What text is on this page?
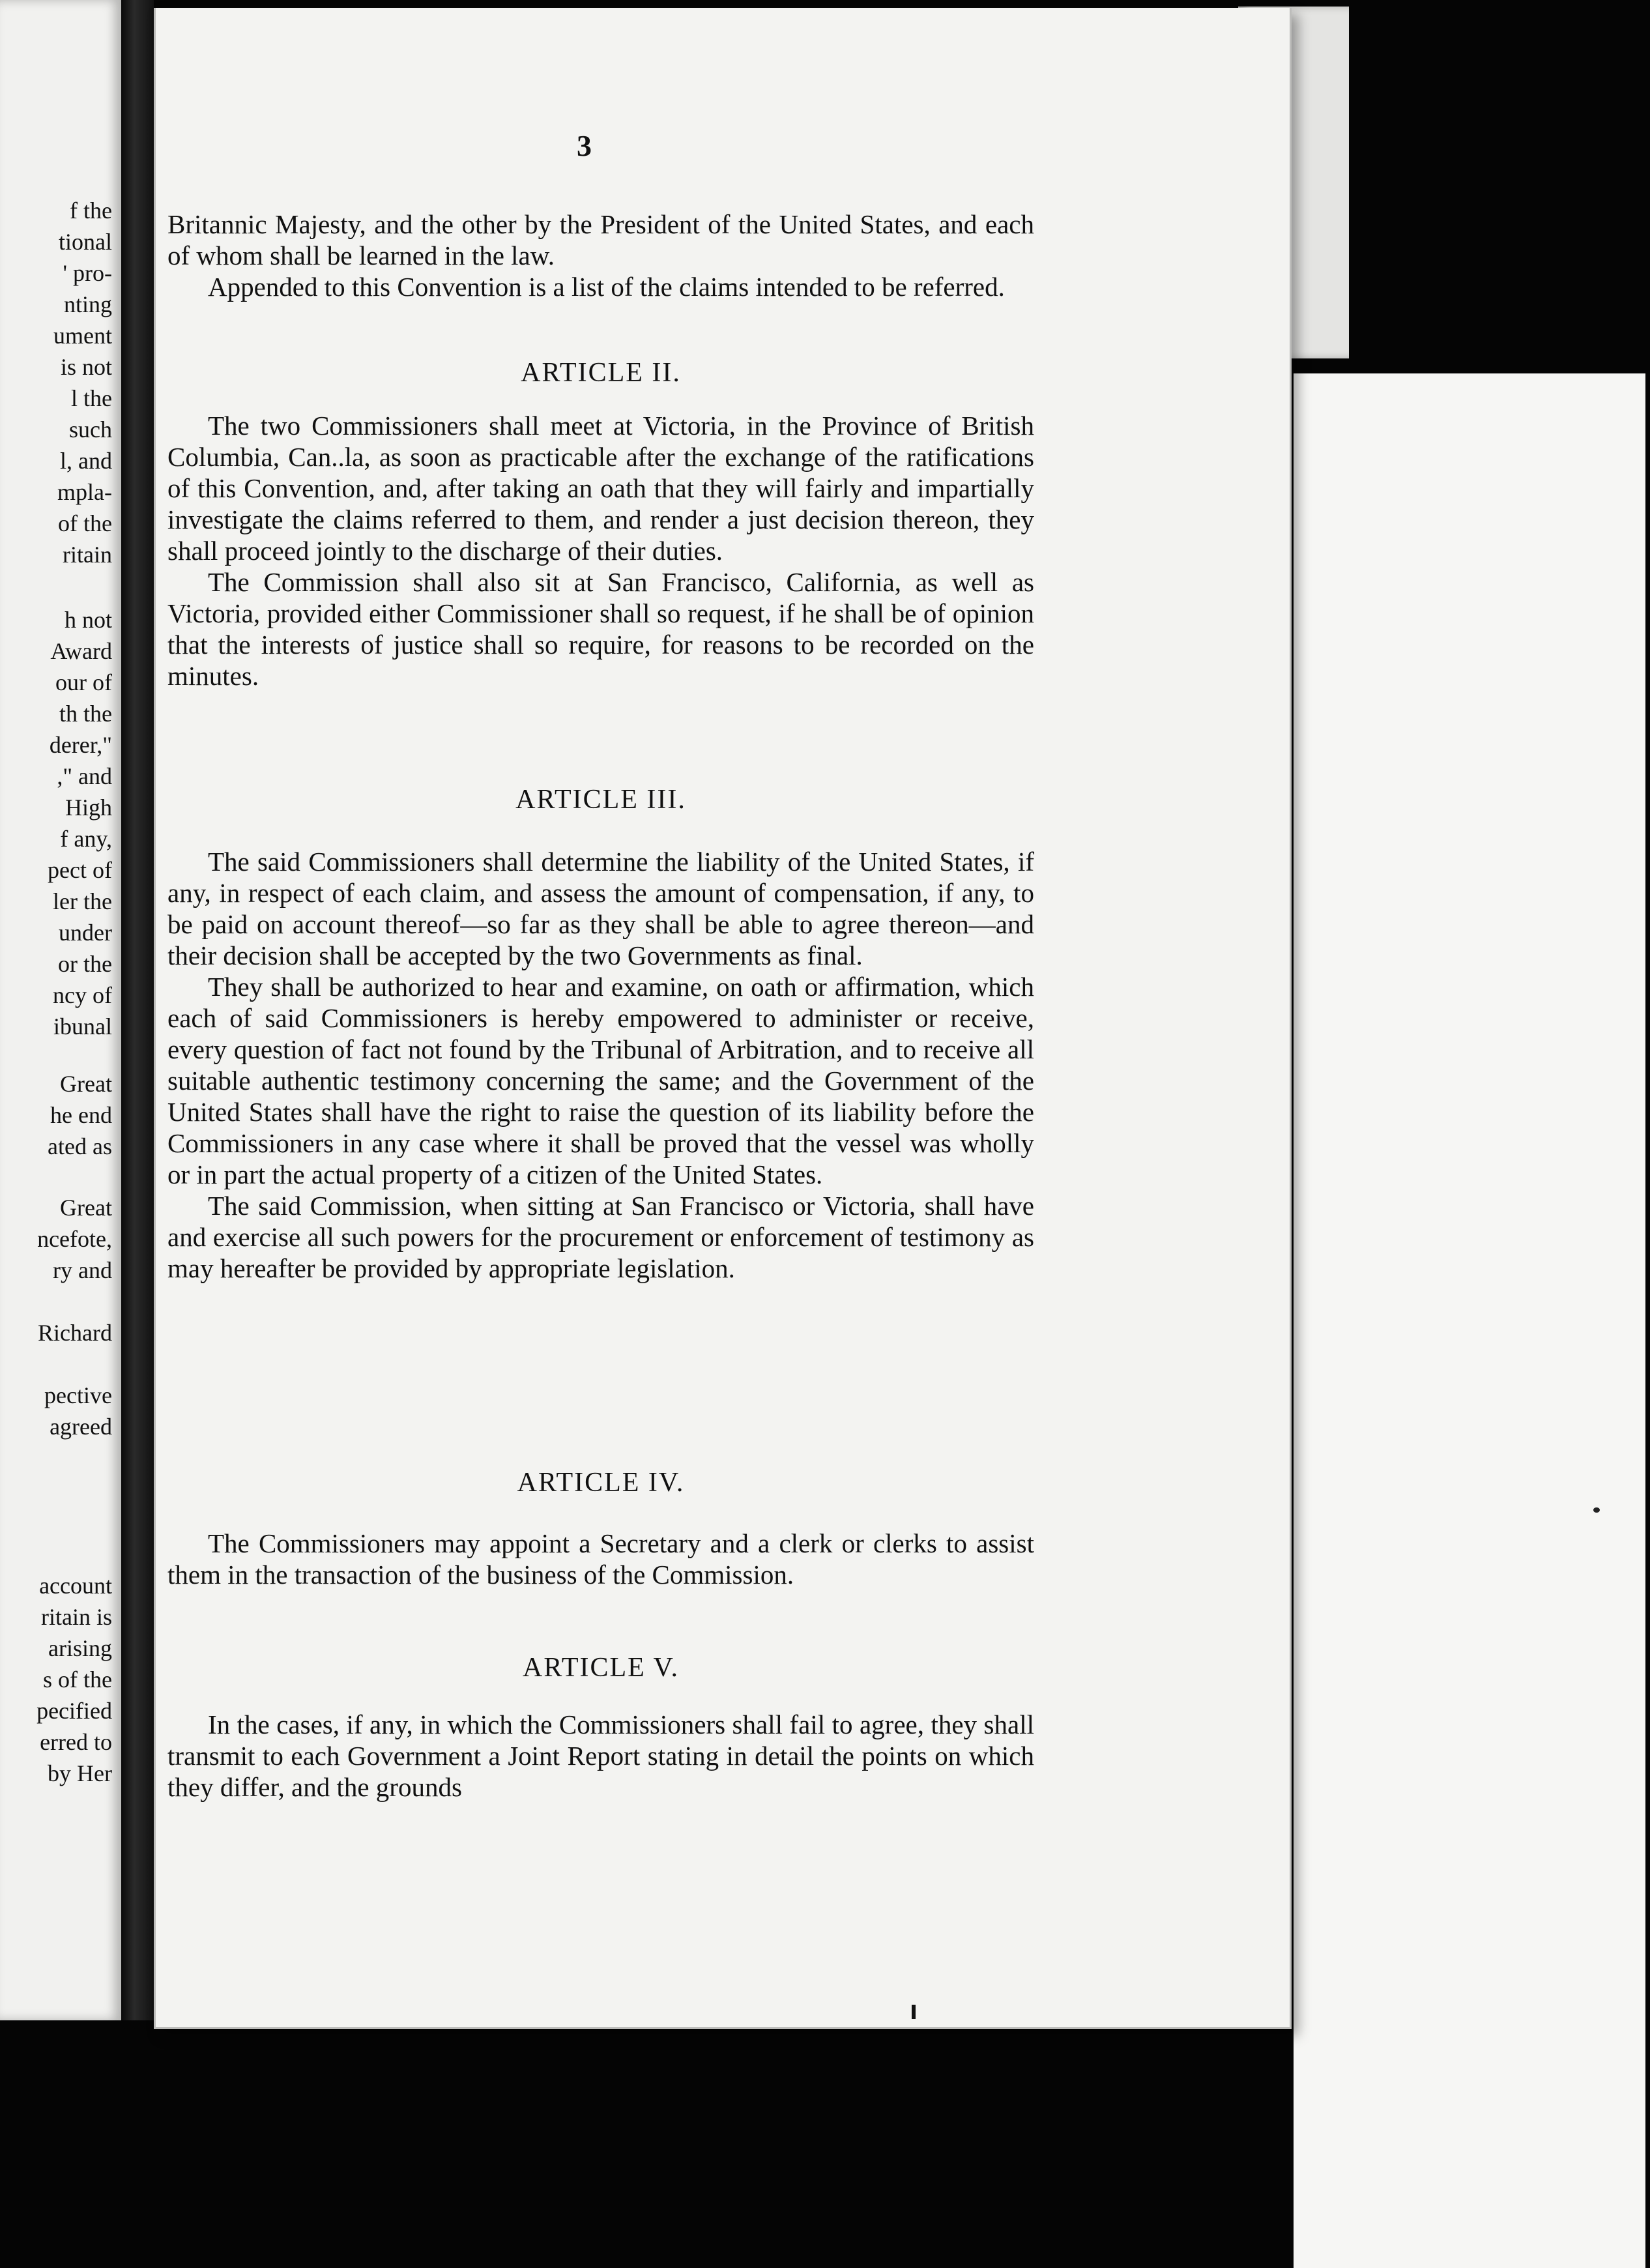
f the

tional

' pro-

nting

ument

is not

l the

such

l, and

mpla-

of the

ritain

h not

Award

our of

th the

derer,"

," and

High

f any,

pect of

ler the

under

or the

ncy of

ibunal

Great

he end

ated as

Great

ncefote,

ry and

Richard

pective

agreed

account

ritain is

arising

s of the

pecified

erred to

by Her

3

Britannic Majesty, and the other by the President of the United States, and each of whom shall be learned in the law.

Appended to this Convention is a list of the claims intended to be referred.

ARTICLE II.

The two Commissioners shall meet at Victoria, in the Province of British Columbia, Can..la, as soon as practicable after the exchange of the ratifications of this Convention, and, after taking an oath that they will fairly and impartially investigate the claims referred to them, and render a just decision thereon, they shall proceed jointly to the discharge of their duties.

The Commission shall also sit at San Francisco, California, as well as Victoria, provided either Commissioner shall so request, if he shall be of opinion that the interests of justice shall so require, for reasons to be recorded on the minutes.

ARTICLE III.

The said Commissioners shall determine the liability of the United States, if any, in respect of each claim, and assess the amount of compensation, if any, to be paid on account thereof—so far as they shall be able to agree thereon—and their decision shall be accepted by the two Governments as final.

They shall be authorized to hear and examine, on oath or affirmation, which each of said Commissioners is hereby empowered to administer or receive, every question of fact not found by the Tribunal of Arbitration, and to receive all suitable authentic testimony concerning the same; and the Government of the United States shall have the right to raise the question of its liability before the Commissioners in any case where it shall be proved that the vessel was wholly or in part the actual property of a citizen of the United States.

The said Commission, when sitting at San Francisco or Victoria, shall have and exercise all such powers for the procurement or enforcement of testimony as may hereafter be provided by appropriate legislation.

ARTICLE IV.

The Commissioners may appoint a Secretary and a clerk or clerks to assist them in the transaction of the business of the Commission.

ARTICLE V.

In the cases, if any, in which the Commissioners shall fail to agree, they shall transmit to each Government a Joint Report stating in detail the points on which they differ, and the grounds
